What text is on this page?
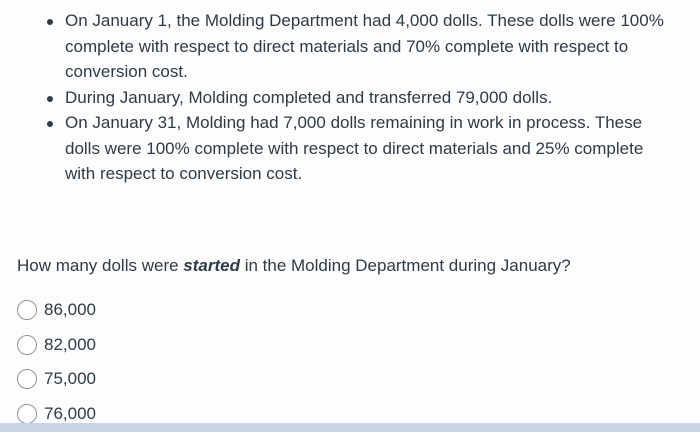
On January 1, the Molding Department had 4,000 dolls. These dolls were 100% complete with respect to direct materials and 70% complete with respect to conversion cost.
During January, Molding completed and transferred 79,000 dolls.
On January 31, Molding had 7,000 dolls remaining in work in process. These dolls were 100% complete with respect to direct materials and 25% complete with respect to conversion cost.

How many dolls were started in the Molding Department during January?

86,000
82,000
75,000
76,000
